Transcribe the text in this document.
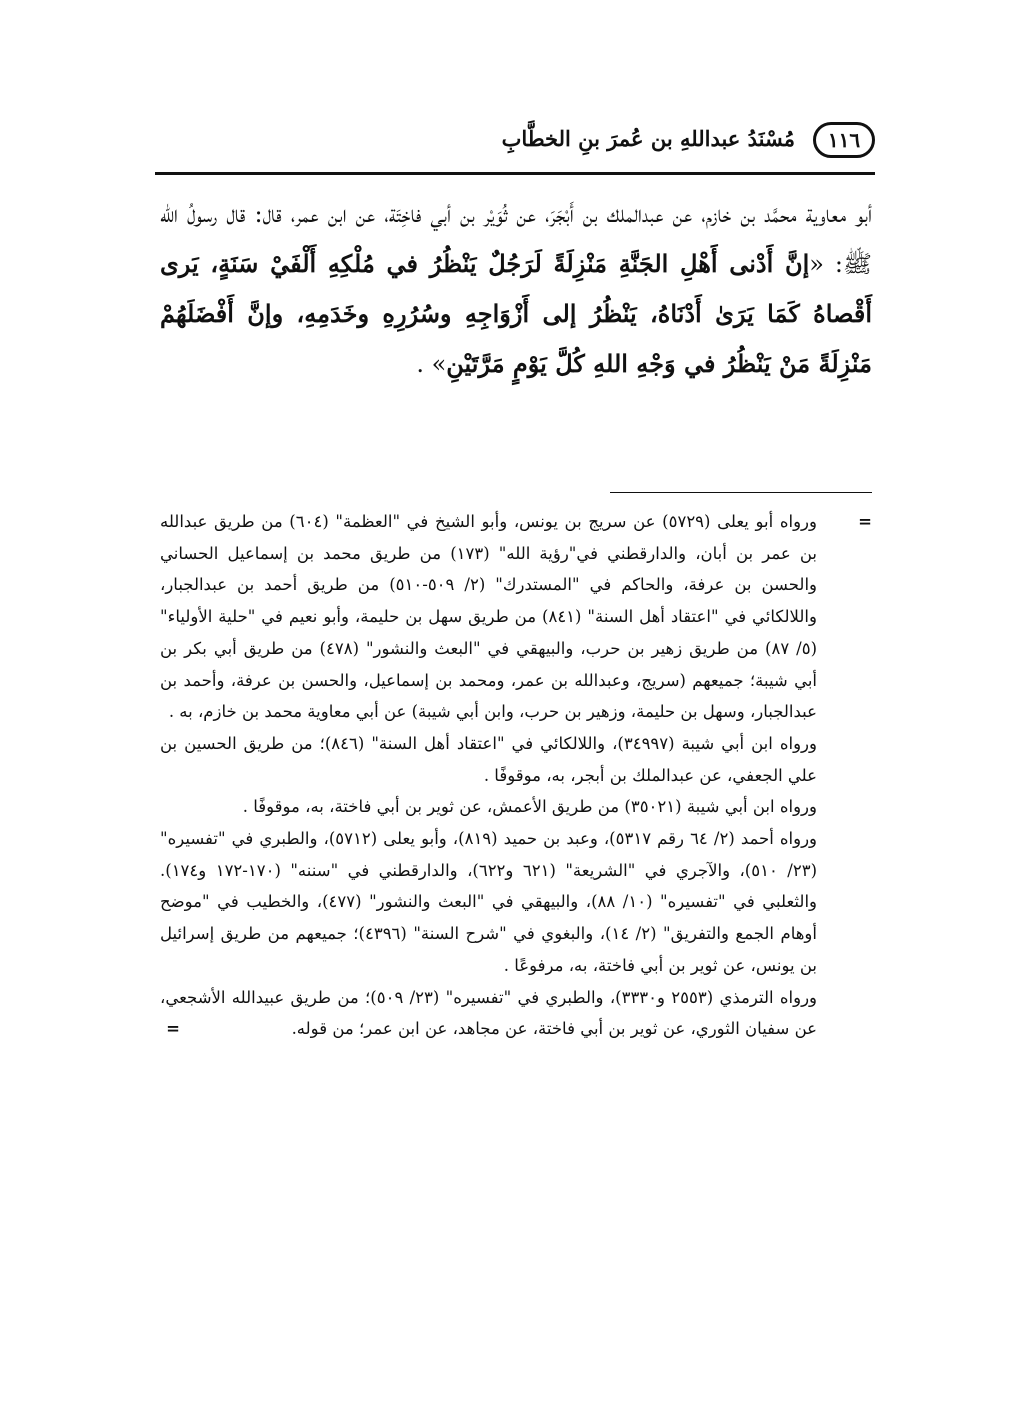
١١٦
مُسْنَدُ عبداللهِ بن عُمرَ بنِ الخطَّابِ
أبو معاوية محمَّد بن خازم، عن عبدالملك بن أَبْجَرَ، عن ثُوَيْر بن أبي فاخِتَة، عن ابن عمر، قال: قال رسولُ الله ﷺ: «إنَّ أَدْنى أَهْلِ الجَنَّةِ مَنْزِلَةً لَرَجُلٌ يَنْظُرُ في مُلْكِهِ أَلْفَيْ سَنَةٍ، يَرى أَقْصاهُ كَمَا يَرَىٰ أَدْنَاهُ، يَنْظُرُ إلى أَزْوَاجِهِ وسُرُرِهِ وخَدَمِهِ، وإنَّ أَفْضَلَهُمْ مَنْزِلَةً مَنْ يَنْظُرُ في وَجْهِ اللهِ كُلَّ يَوْمٍ مَرَّتَيْنِ» .
=
ورواه أبو يعلى (٥٧٢٩) عن سريج بن يونس، وأبو الشيخ في "العظمة" (٦٠٤) من طريق عبدالله بن عمر بن أبان، والدارقطني في"رؤية الله" (١٧٣) من طريق محمد بن إسماعيل الحساني والحسن بن عرفة، والحاكم في "المستدرك" (٢/ ٥٠٩-٥١٠) من طريق أحمد بن عبدالجبار، واللالكائي في "اعتقاد أهل السنة" (٨٤١) من طريق سهل بن حليمة، وأبو نعيم في "حلية الأولياء" (٥/ ٨٧) من طريق زهير بن حرب، والبيهقي في "البعث والنشور" (٤٧٨) من طريق أبي بكر بن أبي شيبة؛ جميعهم (سريج، وعبدالله بن عمر، ومحمد بن إسماعيل، والحسن بن عرفة، وأحمد بن عبدالجبار، وسهل بن حليمة، وزهير بن حرب، وابن أبي شيبة) عن أبي معاوية محمد بن خازم، به .
ورواه ابن أبي شيبة (٣٤٩٩٧)، واللالكائي في "اعتقاد أهل السنة" (٨٤٦)؛ من طريق الحسين بن علي الجعفي، عن عبدالملك بن أبجر، به، موقوفًا .
ورواه ابن أبي شيبة (٣٥٠٢١) من طريق الأعمش، عن ثوير بن أبي فاختة، به، موقوفًا .
ورواه أحمد (٢/ ٦٤ رقم ٥٣١٧)، وعبد بن حميد (٨١٩)، وأبو يعلى (٥٧١٢)، والطبري في "تفسيره" (٢٣/ ٥١٠)، والآجري في "الشريعة" (٦٢١ و٦٢٢)، والدارقطني في "سننه" (١٧٠-١٧٢ و١٧٤). والثعلبي في "تفسيره" (١٠/ ٨٨)، والبيهقي في "البعث والنشور" (٤٧٧)، والخطيب في "موضح أوهام الجمع والتفريق" (٢/ ١٤)، والبغوي في "شرح السنة" (٤٣٩٦)؛ جميعهم من طريق إسرائيل بن يونس، عن ثوير بن أبي فاختة، به، مرفوعًا .
ورواه الترمذي (٢٥٥٣ و٣٣٣٠)، والطبري في "تفسيره" (٢٣/ ٥٠٩)؛ من طريق عبيدالله الأشجعي، عن سفيان الثوري، عن ثوير بن أبي فاختة، عن مجاهد، عن ابن عمر؛ من قوله.
=
